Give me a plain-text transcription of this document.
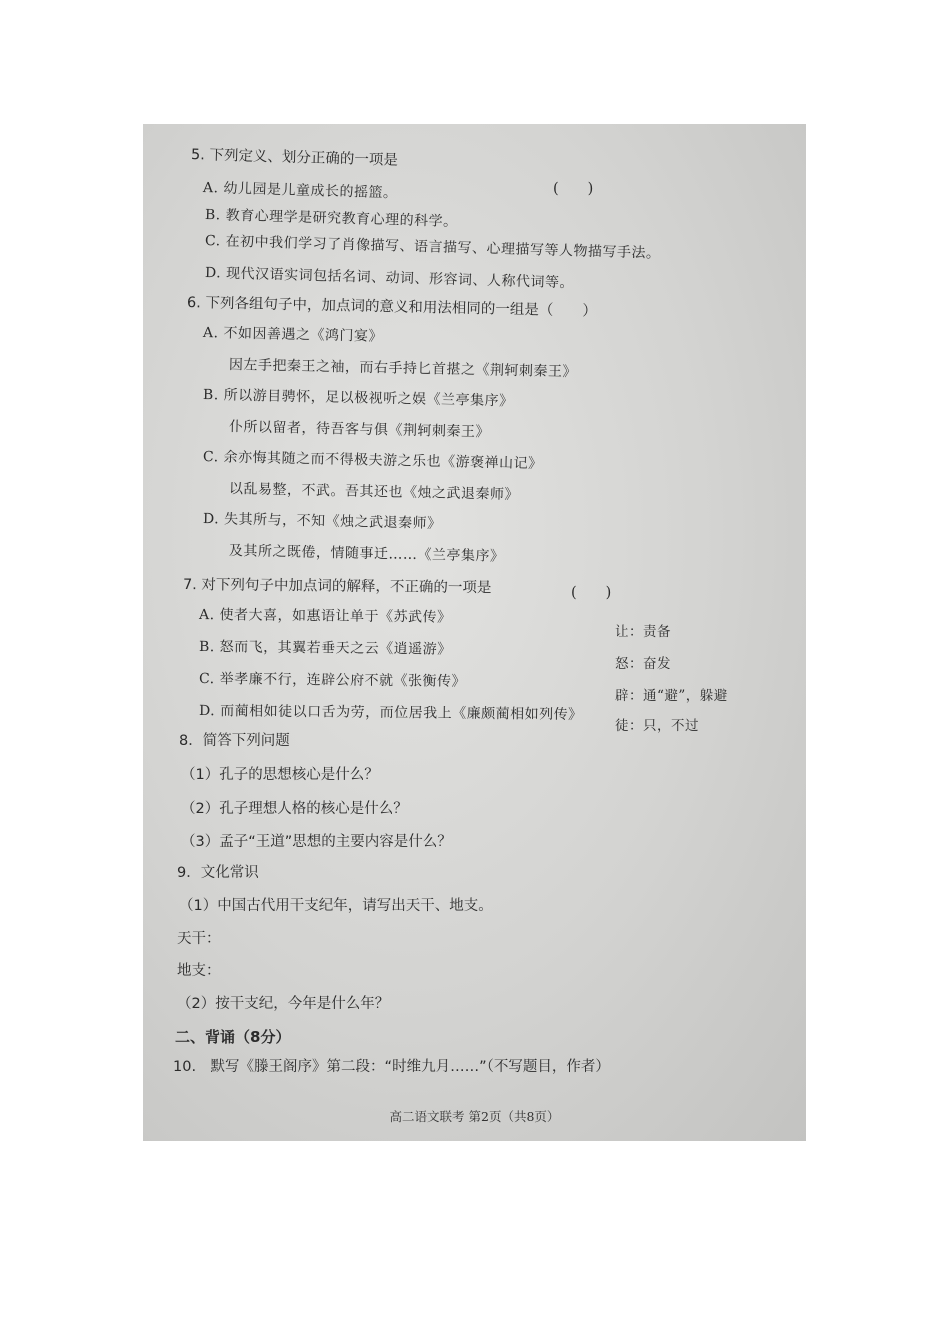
5. 下列定义、划分正确的一项是
(　　)
A. 幼儿园是儿童成长的摇篮。
B. 教育心理学是研究教育心理的科学。
C. 在初中我们学习了肖像描写、语言描写、心理描写等人物描写手法。
D. 现代汉语实词包括名词、动词、形容词、人称代词等。
6. 下列各组句子中，加点词的意义和用法相同的一组是（　　）
A. 不如因善遇之《鸿门宴》
因左手把秦王之袖，而右手持匕首揕之《荆轲刺秦王》
B. 所以游目骋怀，足以极视听之娱《兰亭集序》
仆所以留者，待吾客与俱《荆轲刺秦王》
C. 余亦悔其随之而不得极夫游之乐也《游褒禅山记》
以乱易整，不武。吾其还也《烛之武退秦师》
D. 失其所与，不知《烛之武退秦师》
及其所之既倦，情随事迁……《兰亭集序》
7. 对下列句子中加点词的解释，不正确的一项是	(　　)
A. 使者大喜，如惠语让单于《苏武传》
B. 怒而飞，其翼若垂天之云《逍遥游》
C. 举孝廉不行，连辟公府不就《张衡传》
D. 而蔺相如徒以口舌为劳，而位居我上《廉颇蔺相如列传》
让：责备
怒：奋发
辟：通“避”，躲避
徒：只，不过
8．简答下列问题
（1）孔子的思想核心是什么？
（2）孔子理想人格的核心是什么？
（3）孟子“王道”思想的主要内容是什么？
9．文化常识
（1）中国古代用干支纪年，请写出天干、地支。
天干：
地支：
（2）按干支纪，今年是什么年？
二、背诵（8分）
10.　默写《滕王阁序》第二段：“时维九月……”（不写题目，作者）
高二语文联考 第2页（共8页）
